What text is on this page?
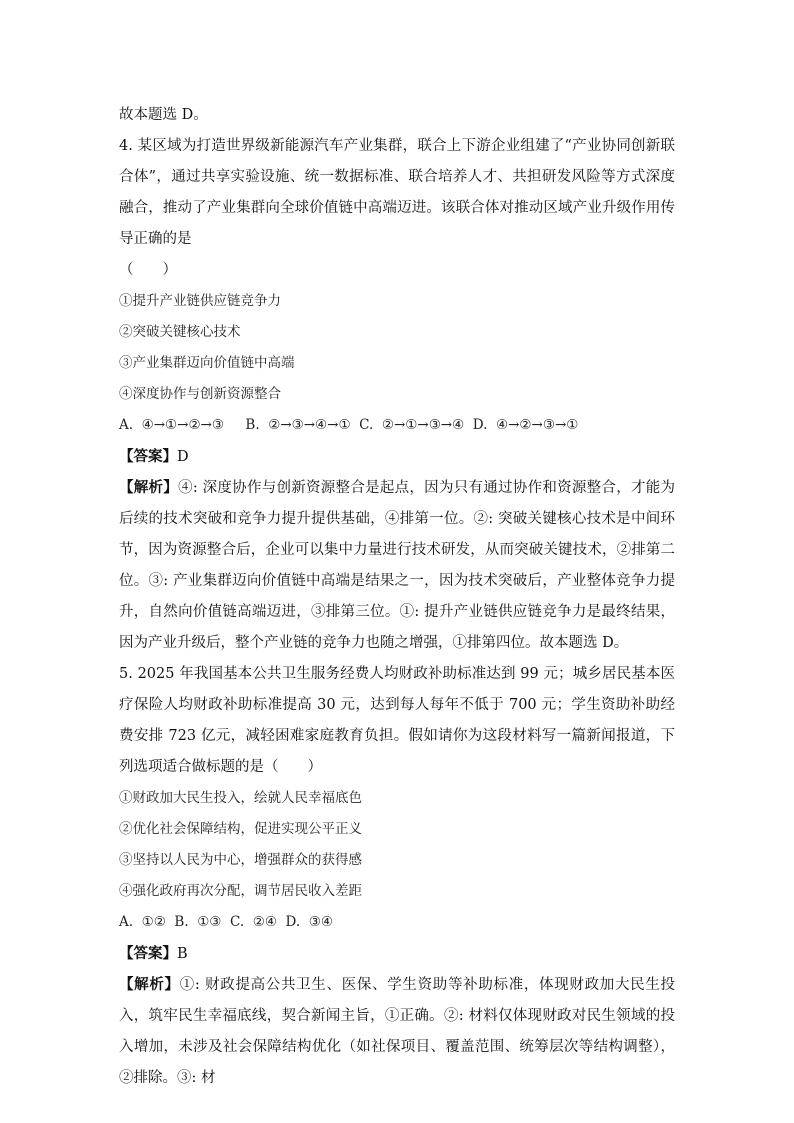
故本题选 D。
4. 某区域为打造世界级新能源汽车产业集群，联合上下游企业组建了“产业协同创新联合体”，通过共享实验设施、统一数据标准、联合培养人才、共担研发风险等方式深度融合，推动了产业集群向全球价值链中高端迈进。该联合体对推动区域产业升级作用传导正确的是
（　　）
①提升产业链供应链竞争力
②突破关键核心技术
③产业集群迈向价值链中高端
④深度协作与创新资源整合
A.  ④→①→②→③     B.  ②→③→④→①  C.  ②→①→③→④  D.  ④→②→③→①
【答案】D
【解析】④: 深度协作与创新资源整合是起点，因为只有通过协作和资源整合，才能为后续的技术突破和竞争力提升提供基础，④排第一位。②: 突破关键核心技术是中间环节，因为资源整合后，企业可以集中力量进行技术研发，从而突破关键技术，②排第二位。③: 产业集群迈向价值链中高端是结果之一，因为技术突破后，产业整体竞争力提升，自然向价值链高端迈进，③排第三位。①: 提升产业链供应链竞争力是最终结果，因为产业升级后，整个产业链的竞争力也随之增强，①排第四位。故本题选 D。
5. 2025 年我国基本公共卫生服务经费人均财政补助标准达到 99 元；城乡居民基本医疗保险人均财政补助标准提高 30 元，达到每人每年不低于 700 元；学生资助补助经费安排 723 亿元，减轻困难家庭教育负担。假如请你为这段材料写一篇新闻报道，下列选项适合做标题的是（　　）
①财政加大民生投入，绘就人民幸福底色
②优化社会保障结构，促进实现公平正义
③坚持以人民为中心，增强群众的获得感
④强化政府再次分配，调节居民收入差距
A.  ①②  B.  ①③  C.  ②④  D.  ③④
【答案】B
【解析】①: 财政提高公共卫生、医保、学生资助等补助标准，体现财政加大民生投入，筑牢民生幸福底线，契合新闻主旨，①正确。②: 材料仅体现财政对民生领域的投入增加，未涉及社会保障结构优化（如社保项目、覆盖范围、统筹层次等结构调整），②排除。③: 材
